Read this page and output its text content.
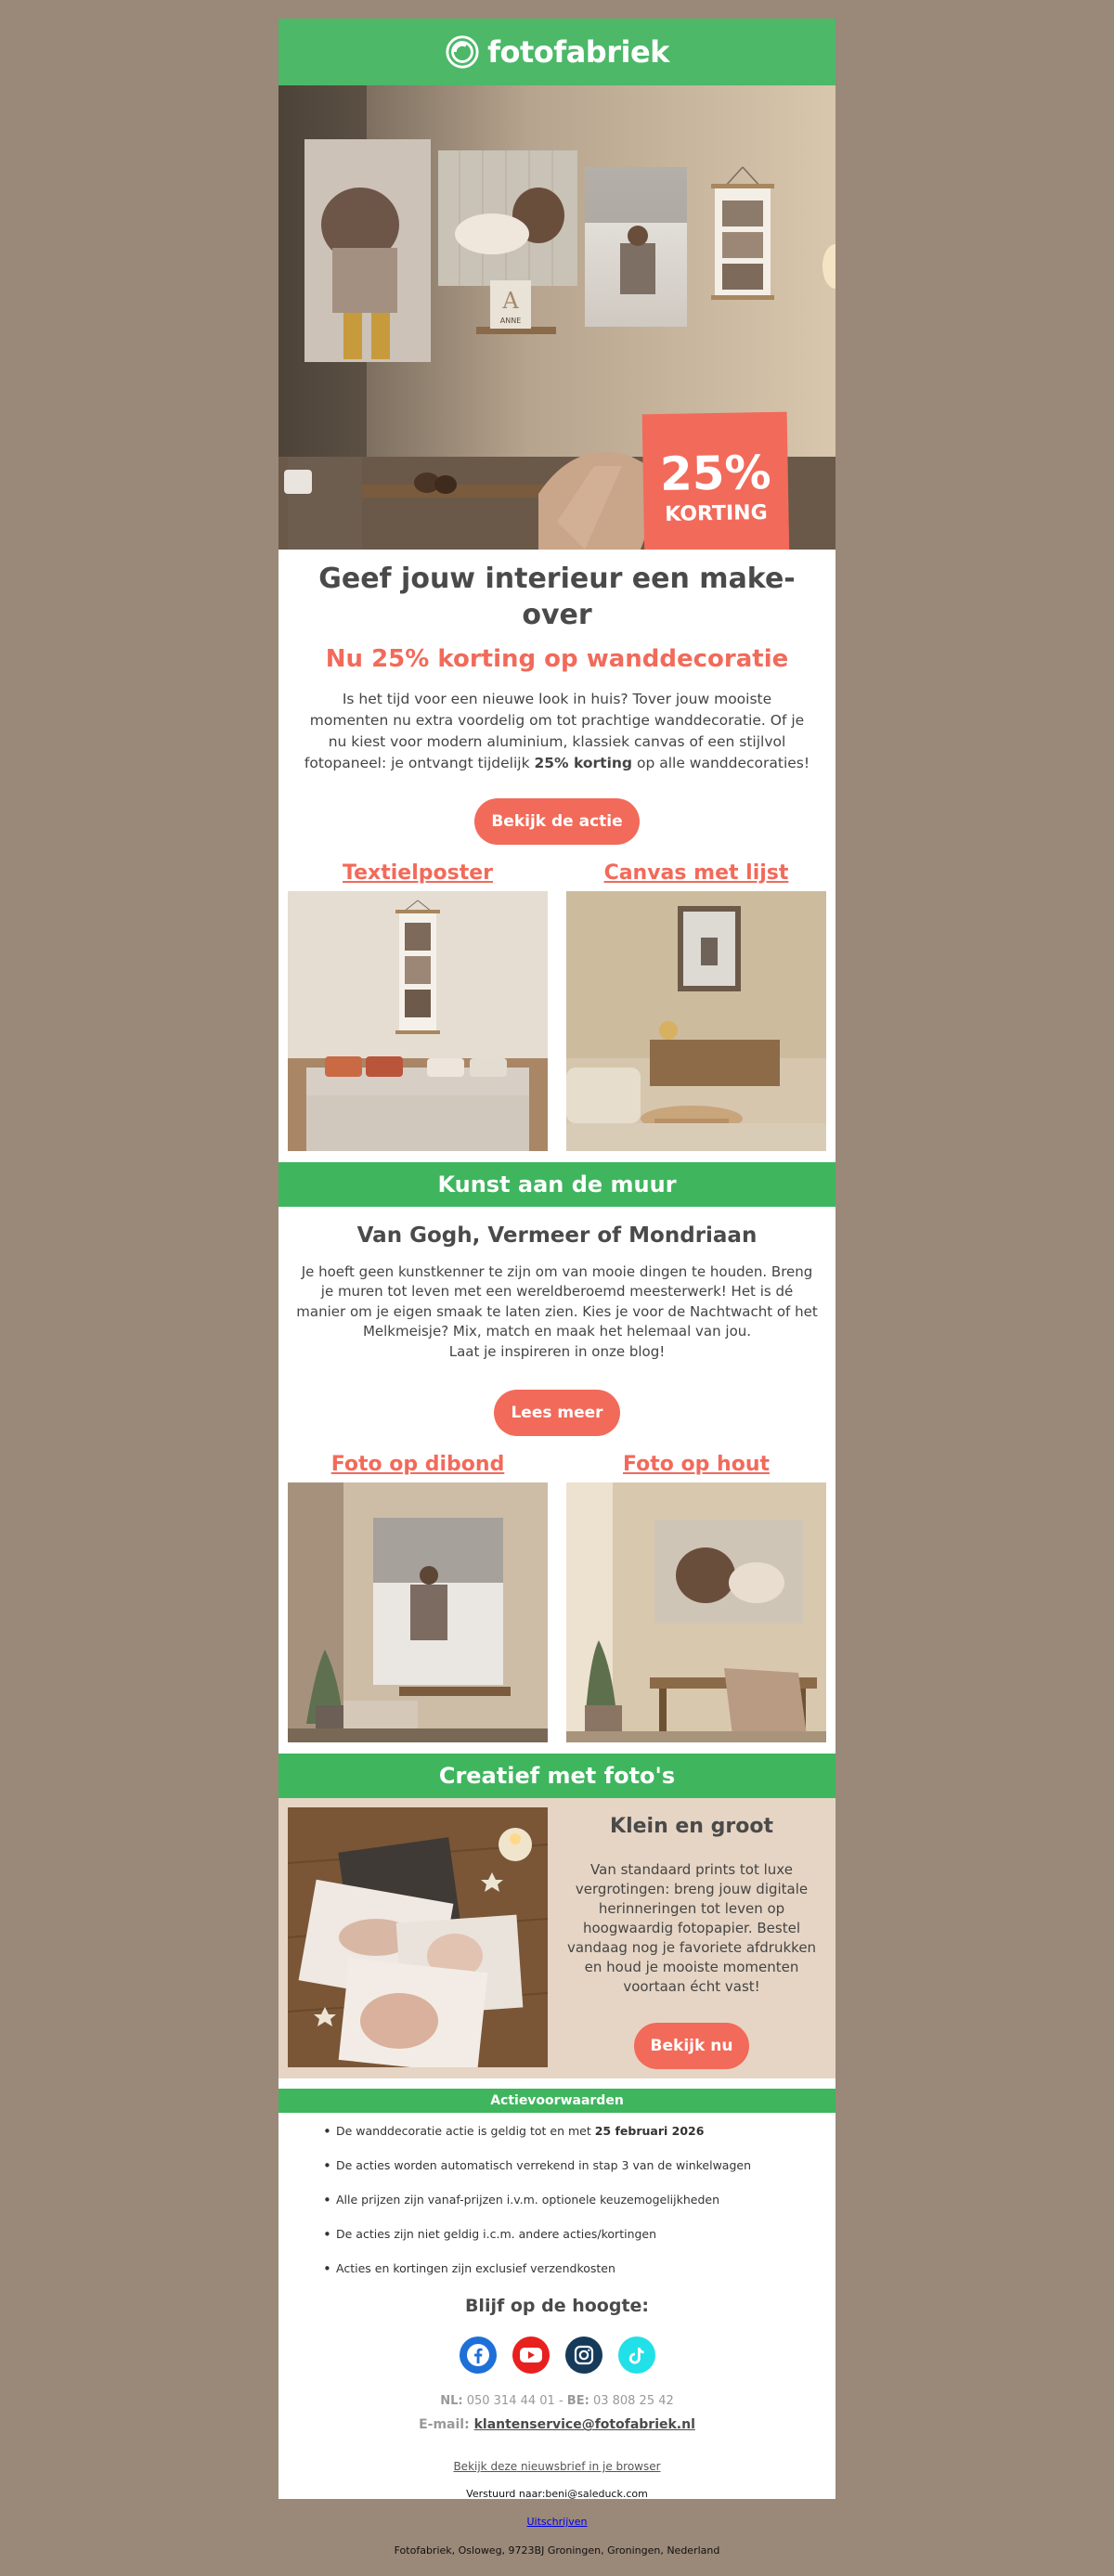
fotofabriek
A
ANNE
25%
KORTING
Geef jouw interieur een make-over
Nu 25% korting op wanddecoratie
Is het tijd voor een nieuwe look in huis? Tover jouw mooiste momenten nu extra voordelig om tot prachtige wanddecoratie. Of je nu kiest voor modern aluminium, klassiek canvas of een stijlvol fotopaneel: je ontvangt tijdelijk 25% korting op alle wanddecoraties!
Bekijk de actie
Textielposter	Canvas met lijst
Kunst aan de muur
Van Gogh, Vermeer of Mondriaan
Je hoeft geen kunstkenner te zijn om van mooie dingen te houden. Breng je muren tot leven met een wereldberoemd meesterwerk! Het is dé manier om je eigen smaak te laten zien. Kies je voor de Nachtwacht of het Melkmeisje? Mix, match en maak het helemaal van jou.
Laat je inspireren in onze blog!
Lees meer
Foto op dibond	Foto op hout
Creatief met foto's
Klein en groot
Van standaard prints tot luxe vergrotingen: breng jouw digitale herinneringen tot leven op hoogwaardig fotopapier. Bestel vandaag nog je favoriete afdrukken en houd je mooiste momenten voortaan écht vast!
Bekijk nu
Actievoorwaarden
• De wanddecoratie actie is geldig tot en met 25 februari 2026
• De acties worden automatisch verrekend in stap 3 van de winkelwagen
• Alle prijzen zijn vanaf-prijzen i.v.m. optionele keuzemogelijkheden
• De acties zijn niet geldig i.c.m. andere acties/kortingen
• Acties en kortingen zijn exclusief verzendkosten
Blijf op de hoogte:
NL: 050 314 44 01 - BE: 03 808 25 42
E-mail: klantenservice@fotofabriek.nl
Bekijk deze nieuwsbrief in je browser
Verstuurd naar:beni@saleduck.com
Uitschrijven
Fotofabriek, Osloweg, 9723BJ Groningen, Groningen, Nederland
